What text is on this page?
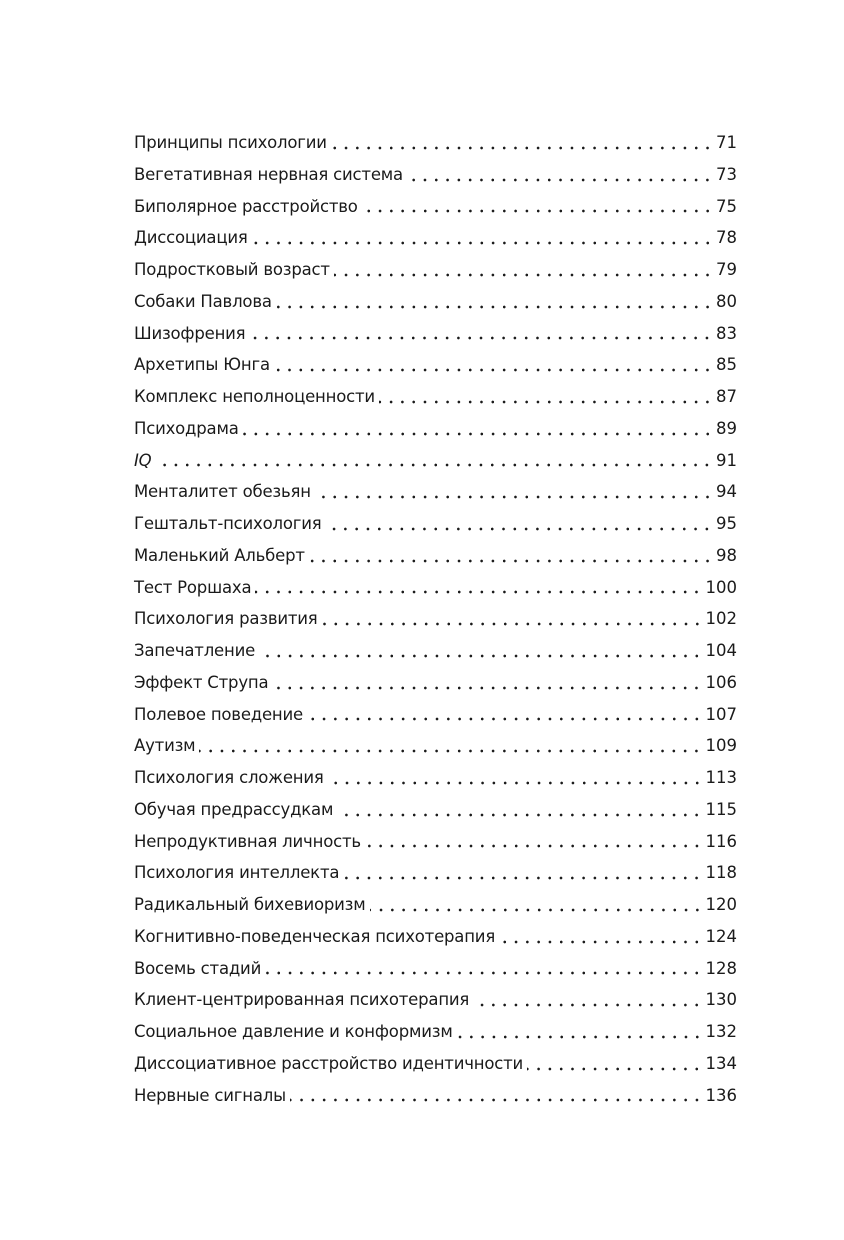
Принципы психологии	71
Вегетативная нервная система	73
Биполярное расстройство	75
Диссоциация	78
Подростковый возраст	79
Собаки Павлова	80
Шизофрения	83
Архетипы Юнга	85
Комплекс неполноценности	87
Психодрама	89
IQ	91
Менталитет обезьян	94
Гештальт-психология	95
Маленький Альберт	98
Тест Роршаха	100
Психология развития	102
Запечатление	104
Эффект Струпа	106
Полевое поведение	107
Аутизм	109
Психология сложения	113
Обучая предрассудкам	115
Непродуктивная личность	116
Психология интеллекта	118
Радикальный бихевиоризм	120
Когнитивно-поведенческая психотерапия	124
Восемь стадий	128
Клиент-центрированная психотерапия	130
Социальное давление и конформизм	132
Диссоциативное расстройство идентичности	134
Нервные сигналы	136
